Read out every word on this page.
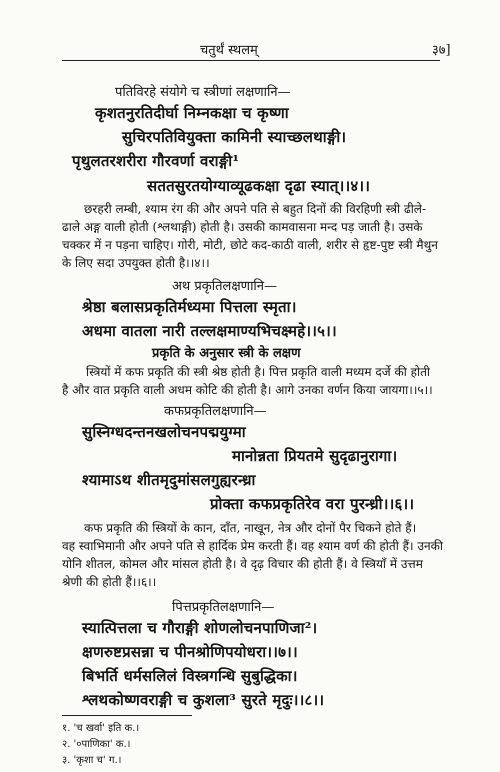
चतुर्थं स्थलम्	३७]
पतिविरहे संयोगे च स्त्रीणां लक्षणानि—
कृशतनुरतिदीर्घा निम्नकक्षा च कृष्णा
सुचिरपतिवियुक्ता कामिनी स्याच्छलथाङ्गी।
पृथुलतरशरीरा गौरवर्णा वराङ्गी¹
सततसुरतयोग्याव्यूढकक्षा दृढा स्यात्।।४।।
छरहरी लम्बी, श्याम रंग की और अपने पति से बहुत दिनों की विरहिणी स्त्री ढीले-
ढाले अङ्ग वाली होती (श्लथाङ्गी) होती है। उसकी कामवासना मन्द पड़ जाती है। उसके
चक्कर में न पड़ना चाहिए। गोरी, मोटी, छोटे कद-काठी वाली, शरीर से हृष्ट-पुष्ट स्त्री मैथुन
के लिए सदा उपयुक्त होती है।।४।।
अथ प्रकृतिलक्षणानि—
श्रेष्ठा बलासप्रकृतिर्मध्यमा पित्तला स्मृता।
अधमा वातला नारी तल्लक्षमाण्यभिचक्ष्महे।।५।।
प्रकृति के अनुसार स्त्री के लक्षण
स्त्रियों में कफ प्रकृति की स्त्री श्रेष्ठ होती है। पित्त प्रकृति वाली मध्यम दर्जे की होती
है और वात प्रकृति वाली अधम कोटि की होती है। आगे उनका वर्णन किया जायगा।।५।।
कफप्रकृतिलक्षणानि—
सुस्निग्धदन्तनखलोचनपद्मयुग्मा
मानोन्नता प्रियतमे सुदृढानुरागा।
श्यामाऽथ शीतमृदुमांसलगुह्यरन्ध्रा
प्रोक्ता कफप्रकृतिरेव वरा पुरन्ध्री।।६।।
कफ प्रकृति की स्त्रियों के कान, दाँत, नाखून, नेत्र और दोनों पैर चिकने होते हैं।
वह स्वाभिमानी और अपने पति से हार्दिक प्रेम करती हैं। वह श्याम वर्ण की होती हैं। उनकी
योनि शीतल, कोमल और मांसल होती है। वे दृढ़ विचार की होती हैं। वे स्त्रियाँ में उत्तम
श्रेणी की होती हैं।।६।।
पित्तप्रकृतिलक्षणानि—
स्यात्पित्तला च गौराङ्गी शोणलोचनपाणिजा²।
क्षणरुष्टप्रसन्ना च पीनश्रोणिपयोधरा।।७।।
बिभर्ति धर्मसलिलं विस्त्रगन्धि सुबुद्धिका।
श्लथकोष्णवराङ्गी च कुशला³ सुरते मृदुः।।८।।
१. 'च खर्वा' इति क.।
२. '०पाणिका' क.।
३. 'कृशा च' ग.।
